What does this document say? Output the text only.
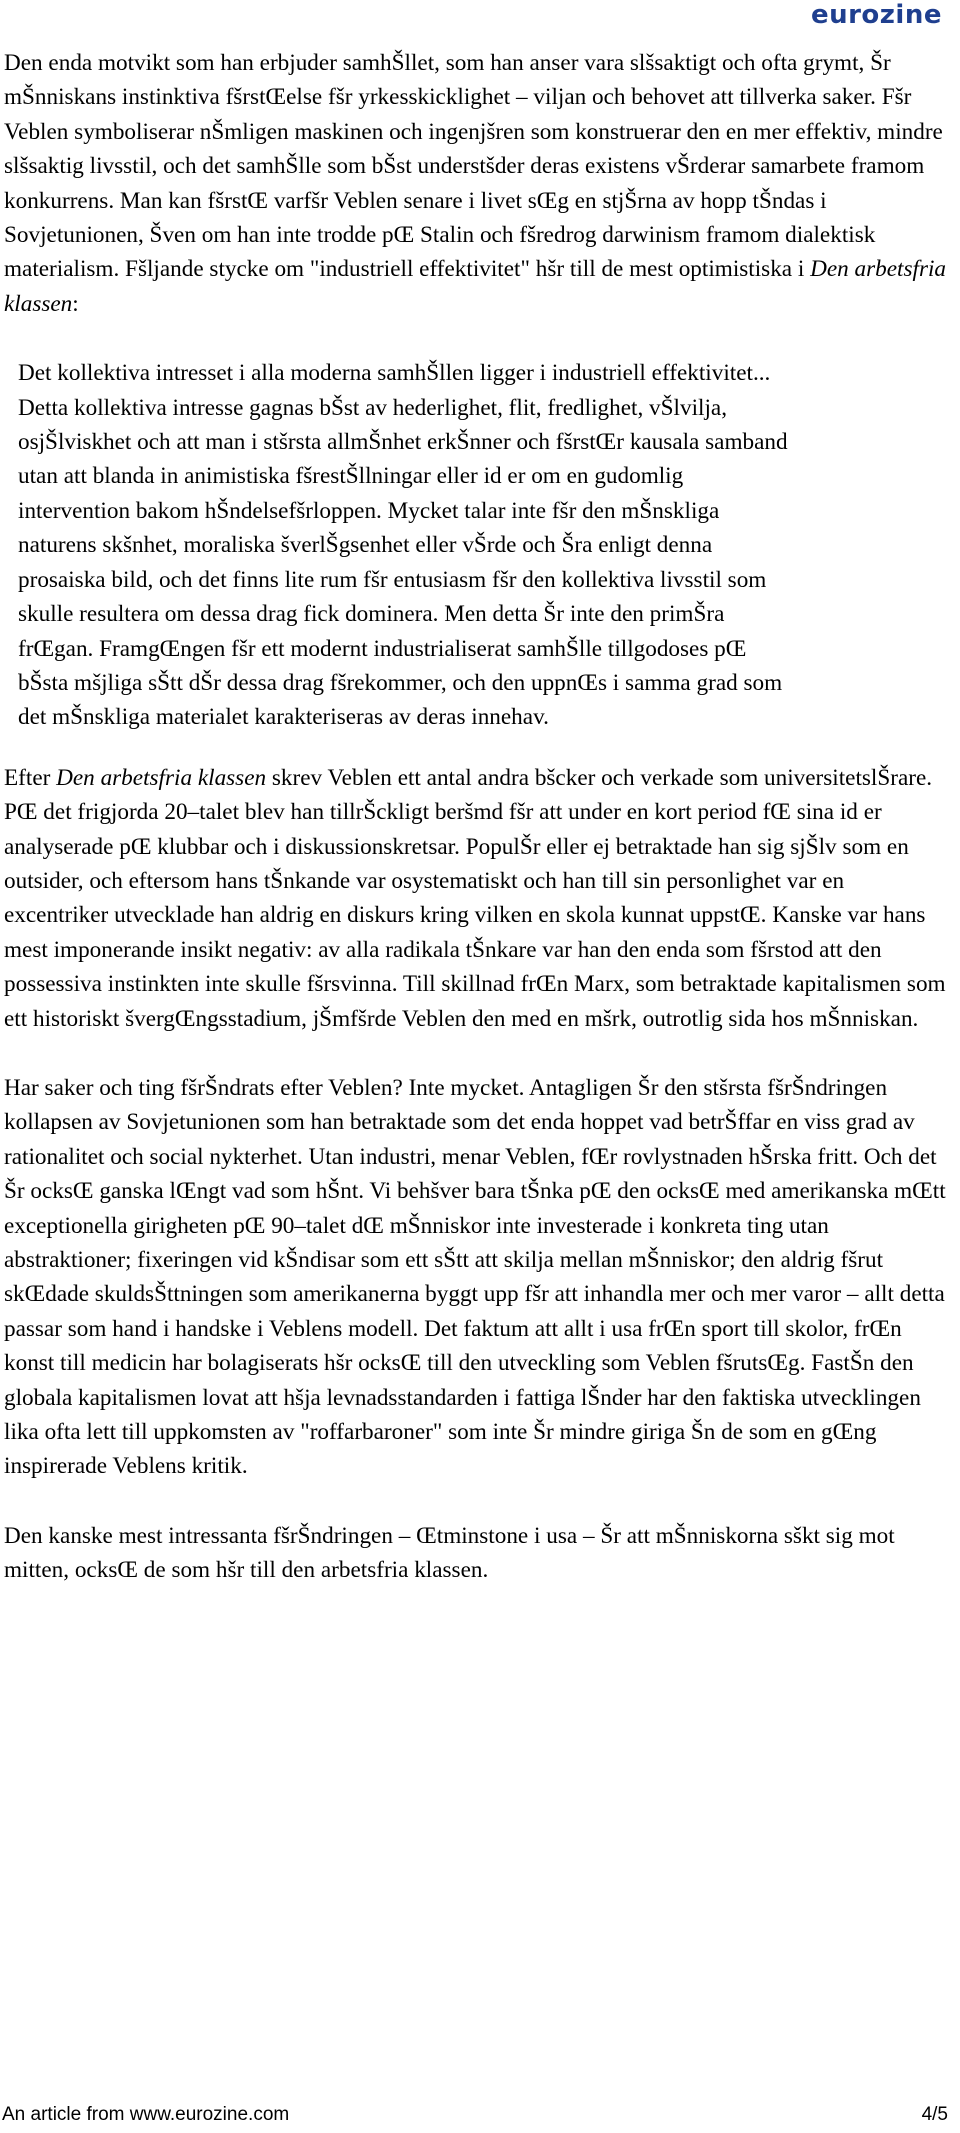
eurozine

Den enda motvikt som han erbjuder samhŠllet, som han anser vara slšsaktigt och ofta grymt, Šr mŠnniskans instinktiva fšrstŒelse fšr yrkesskicklighet – viljan och behovet att tillverka saker. Fšr Veblen symboliserar nŠmligen maskinen och ingenjšren som konstruerar den en mer effektiv, mindre slšsaktig livsstil, och det samhŠlle som bŠst understšder deras existens vŠrderar samarbete framom konkurrens. Man kan fšrstŒ varfšr Veblen senare i livet sŒg en stjŠrna av hopp tŠndas i Sovjetunionen, Šven om han inte trodde pŒ Stalin och fšredrog darwinism framom dialektisk materialism. Fšljande stycke om "industriell effektivitet" hšr till de mest optimistiska i Den arbetsfria klassen:

Det kollektiva intresset i alla moderna samhŠllen ligger i industriell effektivitet... Detta kollektiva intresse gagnas bŠst av hederlighet, flit, fredlighet, vŠlvilja, osjŠlviskhet och att man i stšrsta allmŠnhet erkŠnner och fšrstŒr kausala samband utan att blanda in animistiska fšrestŠllningar eller id er om en gudomlig intervention bakom hŠndelsefšrloppen. Mycket talar inte fšr den mŠnskliga naturens skšnhet, moraliska šverlŠgsenhet eller vŠrde och Šra enligt denna prosaiska bild, och det finns lite rum fšr entusiasm fšr den kollektiva livsstil som skulle resultera om dessa drag fick dominera. Men detta Šr inte den primŠra frŒgan. FramgŒngen fšr ett modernt industrialiserat samhŠlle tillgodoses pŒ bŠsta mšjliga sŠtt dŠr dessa drag fšrekommer, och den uppnŒs i samma grad som det mŠnskliga materialet karakteriseras av deras innehav.

Efter Den arbetsfria klassen skrev Veblen ett antal andra bšcker och verkade som universitetslŠrare. PŒ det frigjorda 20–talet blev han tillrŠckligt beršmd fšr att under en kort period fŒ sina id er analyserade pŒ klubbar och i diskussionskretsar. PopulŠr eller ej betraktade han sig sjŠlv som en outsider, och eftersom hans tŠnkande var osystematiskt och han till sin personlighet var en excentriker utvecklade han aldrig en diskurs kring vilken en skola kunnat uppstŒ. Kanske var hans mest imponerande insikt negativ: av alla radikala tŠnkare var han den enda som fšrstod att den possessiva instinkten inte skulle fšrsvinna. Till skillnad frŒn Marx, som betraktade kapitalismen som ett historiskt švergŒngsstadium, jŠmfšrde Veblen den med en mšrk, outrotlig sida hos mŠnniskan.

Har saker och ting fšrŠndrats efter Veblen? Inte mycket. Antagligen Šr den stšrsta fšrŠndringen kollapsen av Sovjetunionen som han betraktade som det enda hoppet vad betrŠffar en viss grad av rationalitet och social nykterhet. Utan industri, menar Veblen, fŒr rovlystnaden hŠrska fritt. Och det Šr ocksŒ ganska lŒngt vad som hŠnt. Vi behšver bara tŠnka pŒ den ocksŒ med amerikanska mŒtt exceptionella girigheten pŒ 90–talet dŒ mŠnniskor inte investerade i konkreta ting utan abstraktioner; fixeringen vid kŠndisar som ett sŠtt att skilja mellan mŠnniskor; den aldrig fšrut skŒdade skuldsŠttningen som amerikanerna byggt upp fšr att inhandla mer och mer varor – allt detta passar som hand i handske i Veblens modell. Det faktum att allt i usa frŒn sport till skolor, frŒn konst till medicin har bolagiserats hšr ocksŒ till den utveckling som Veblen fšrutsŒg. FastŠn den globala kapitalismen lovat att hšja levnadsstandarden i fattiga lŠnder har den faktiska utvecklingen lika ofta lett till uppkomsten av "roffarbaroner" som inte Šr mindre giriga Šn de som en gŒng inspirerade Veblens kritik.

Den kanske mest intressanta fšrŠndringen – Œtminstone i usa – Šr att mŠnniskorna sškt sig mot mitten, ocksŒ de som hšr till den arbetsfria klassen.

An article from www.eurozine.com	4/5
